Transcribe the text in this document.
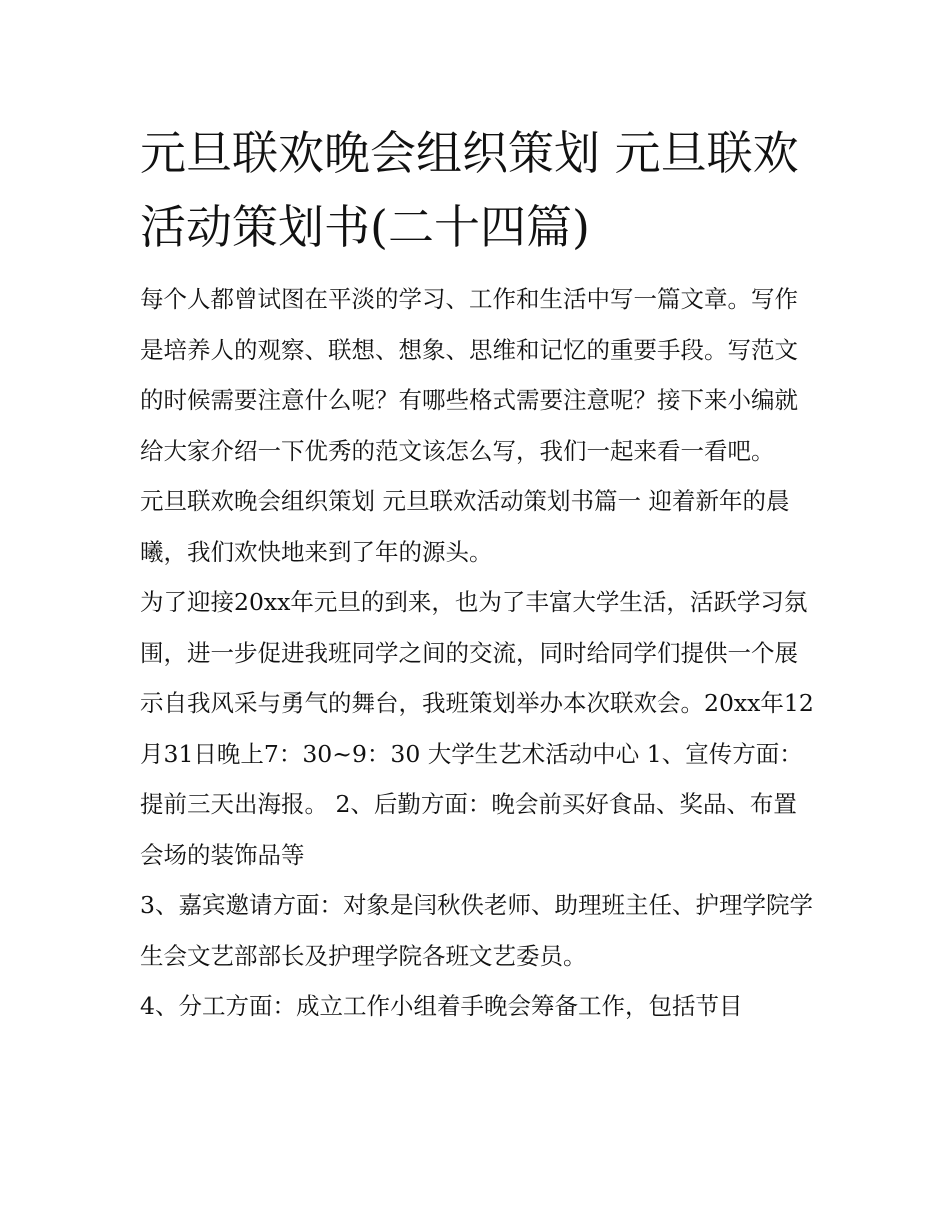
元旦联欢晚会组织策划 元旦联欢活动策划书(二十四篇)

每个人都曾试图在平淡的学习、工作和生活中写一篇文章。写作是培养人的观察、联想、想象、思维和记忆的重要手段。写范文的时候需要注意什么呢？有哪些格式需要注意呢？接下来小编就给大家介绍一下优秀的范文该怎么写，我们一起来看一看吧。

元旦联欢晚会组织策划 元旦联欢活动策划书篇一 迎着新年的晨曦，我们欢快地来到了年的源头。

为了迎接20xx年元旦的到来，也为了丰富大学生活，活跃学习氛围，进一步促进我班同学之间的交流，同时给同学们提供一个展示自我风采与勇气的舞台，我班策划举办本次联欢会。20xx年12月31日晚上7：30~9：30 大学生艺术活动中心 1、宣传方面：提前三天出海报。 2、后勤方面：晚会前买好食品、奖品、布置会场的装饰品等

3、嘉宾邀请方面：对象是闫秋佚老师、助理班主任、护理学院学生会文艺部部长及护理学院各班文艺委员。

4、分工方面：成立工作小组着手晚会筹备工作，包括节目
